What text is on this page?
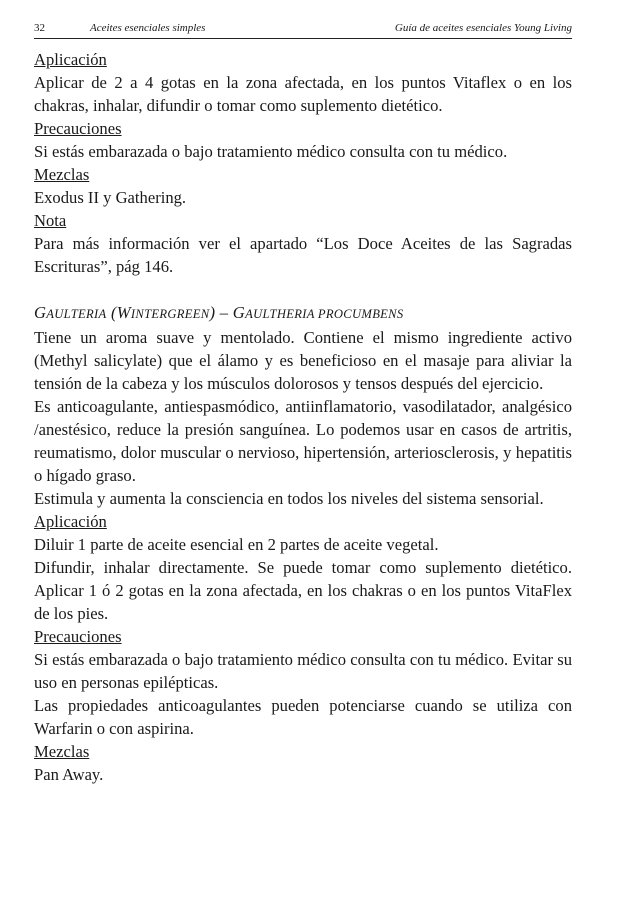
32	Aceites esenciales simples	Guía de aceites esenciales Young Living

Aplicación

Aplicar de 2 a 4 gotas en la zona afectada, en los puntos Vitaflex o en los chakras, inhalar, difundir o tomar como suplemento dietético.

Precauciones

Si estás embarazada o bajo tratamiento médico consulta con tu médico.

Mezclas

Exodus II y Gathering.

Nota

Para más información ver el apartado “Los Doce Aceites de las Sagradas Escrituras”, pág 146.

GAULTERIA (WINTERGREEN) – GAULTHERIA PROCUMBENS

Tiene un aroma suave y mentolado. Contiene el mismo ingrediente activo (Methyl salicylate) que el álamo y es beneficioso en el masaje para aliviar la tensión de la cabeza y los músculos dolorosos y tensos después del ejercicio.

Es anticoagulante, antiespasmódico, antiinflamatorio, vasodilatador, analgésico /anestésico, reduce la presión sanguínea. Lo podemos usar en casos de artritis, reumatismo, dolor muscular o nervioso, hipertensión, arteriosclerosis, y hepatitis o hígado graso.

Estimula y aumenta la consciencia en todos los niveles del sistema sensorial.

Aplicación

Diluir 1 parte de aceite esencial en 2 partes de aceite vegetal.

Difundir, inhalar directamente. Se puede tomar como suplemento dietético. Aplicar 1 ó 2 gotas en la zona afectada, en los chakras o en los puntos VitaFlex de los pies.

Precauciones

Si estás embarazada o bajo tratamiento médico consulta con tu médico. Evitar su uso en personas epilépticas.

Las propiedades anticoagulantes pueden potenciarse cuando se utiliza con Warfarin o con aspirina.

Mezclas

Pan Away.
